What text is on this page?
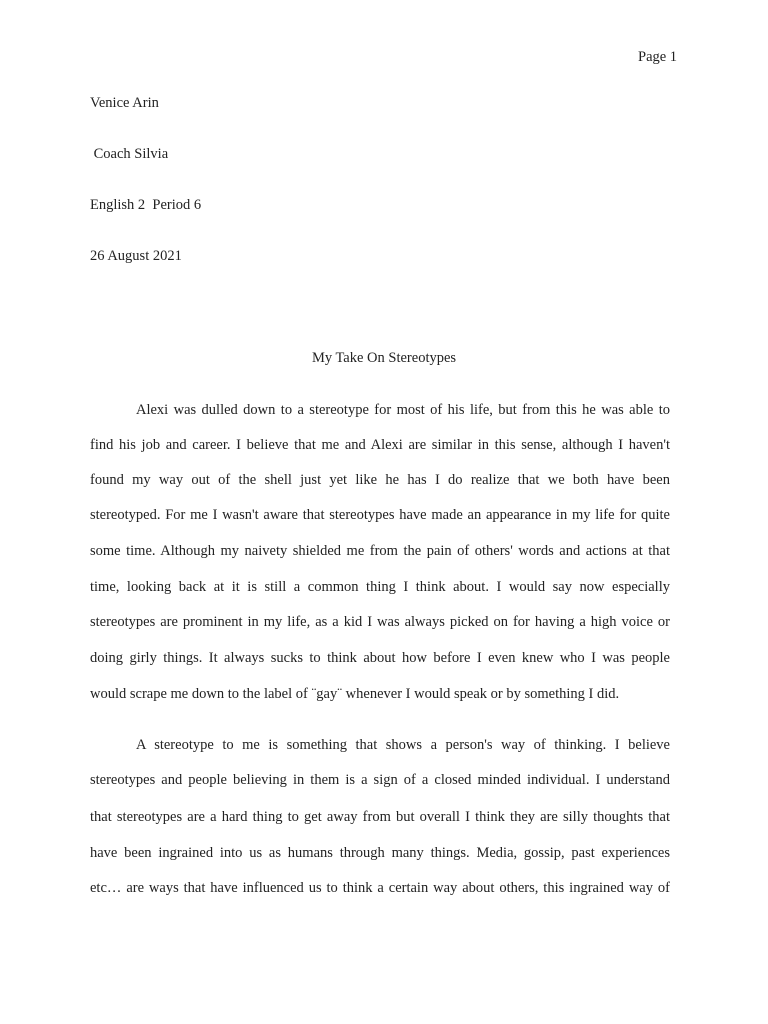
Page 1
Venice Arin
Coach Silvia
English 2  Period 6
26 August 2021
My Take On Stereotypes
Alexi was dulled down to a stereotype for most of his life, but from this he was able to
find his job and career. I believe that me and Alexi are similar in this sense, although I haven't
found my way out of the shell just yet like he has I do realize that we both have been
stereotyped. For me I wasn't aware that stereotypes have made an appearance in my life for quite
some time. Although my naivety shielded me from the pain of others' words and actions at that
time, looking back at it is still a common thing I think about. I would say now especially
stereotypes are prominent in my life, as a kid I was always picked on for having a high voice or
doing girly things. It always sucks to think about how before I even knew who I was people
would scrape me down to the label of ¨gay¨ whenever I would speak or by something I did.
A stereotype to me is something that shows a person's way of thinking. I believe
stereotypes and people believing in them is a sign of a closed minded individual. I understand
that stereotypes are a hard thing to get away from but overall I think they are silly thoughts that
have been ingrained into us as humans through many things. Media, gossip, past experiences
etc… are ways that have influenced us to think a certain way about others, this ingrained way of
